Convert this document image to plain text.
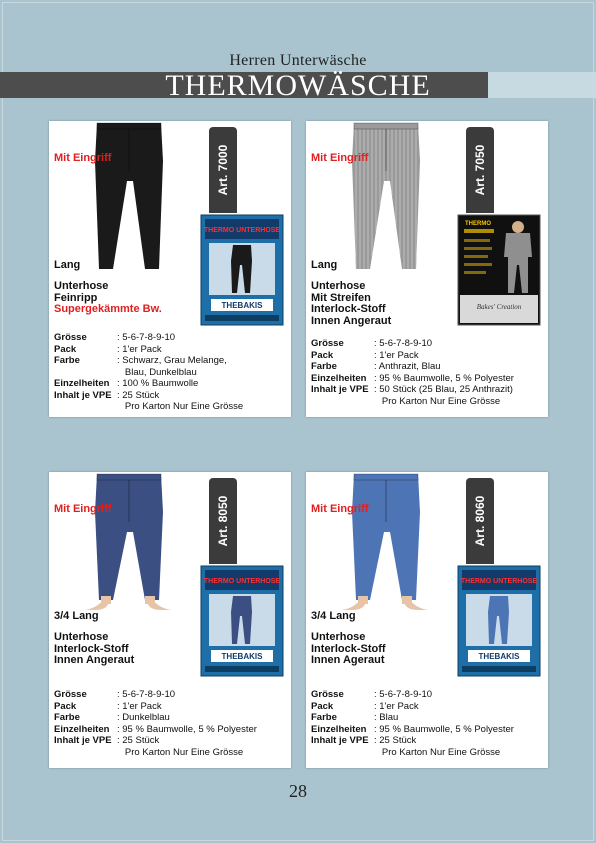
Herren Unterwäsche
THERMOWÄSCHE
Mit Eingriff
Lang
Art. 7000
THERMO UNTERHOSE
THEBAKIS
Unterhose
Feinripp
Supergekämmte Bw.
Grösse	: 5-6-7-8-9-10
Pack	: 1'er Pack
Farbe	: Schwarz, Grau Melange,
	Blau, Dunkelblau
Einzelheiten	: 100 % Baumwolle
Inhalt je VPE	: 25 Stück
	Pro Karton Nur Eine Grösse
Mit Eingriff
Lang
Art. 7050
THERMO
Bakes' Creation
Unterhose
Mit Streifen
Interlock-Stoff
Innen Angeraut
Grösse	: 5-6-7-8-9-10
Pack	: 1'er Pack
Farbe	: Anthrazit, Blau
Einzelheiten	: 95 % Baumwolle, 5 % Polyester
Inhalt je VPE	: 50 Stück (25 Blau, 25 Anthrazit)
	Pro Karton Nur Eine Grösse
Mit Eingriff
3/4 Lang
Art. 8050
THERMO UNTERHOSE
THEBAKIS
Unterhose
Interlock-Stoff
Innen Angeraut
Grösse	: 5-6-7-8-9-10
Pack	: 1'er Pack
Farbe	: Dunkelblau
Einzelheiten	: 95 % Baumwolle, 5 % Polyester
Inhalt je VPE	: 25 Stück
	Pro Karton Nur Eine Grösse
Mit Eingriff
3/4 Lang
Art. 8060
THERMO UNTERHOSE
THEBAKIS
Unterhose
Interlock-Stoff
Innen Ageraut
Grösse	: 5-6-7-8-9-10
Pack	: 1'er Pack
Farbe	: Blau
Einzelheiten	: 95 % Baumwolle, 5 % Polyester
Inhalt je VPE	: 25 Stück
	Pro Karton Nur Eine Grösse
28
